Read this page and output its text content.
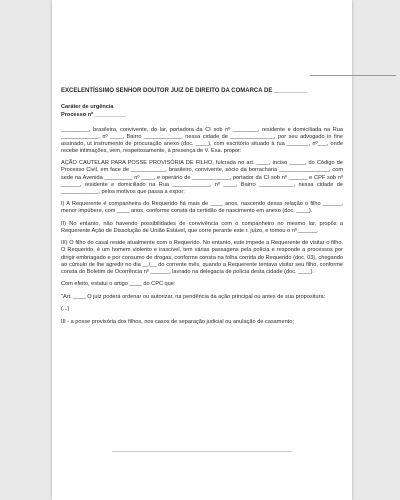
EXCELENTÍSSIMO SENHOR DOUTOR JUIZ DE DIREITO DA COMARCA DE __________

Caráter de urgência

Processo nº __________

_________, brasileira, convivente, do lar, portadora da CI sob nº ________, residente e domiciliada na Rua ____________, nº ____, Bairro ____________, nessa cidade de ______________, por seu advogado in fine assinado, ut instrumento de procuração anexo (doc. ____), com escritório situado à rua _______, nº___, onde recebe intimações, vem, respeitosamente, à presença de V. Exa. propor:

AÇÃO CAUTELAR PARA POSSE PROVISÓRIA DE FILHO, fulcrada no art. ____, inciso _____, do Código de Processo Civil, em face de ___________, brasileiro, convivente, sócio da borracharia ________________, com sede na Avenida _________ nº ____, e operário de ____________, portador da CI sob nº ______ e CPF sob nº ______, residente e domiciliado na Rua ____________, nº ____, Bairro ___________, nessa cidade de ____________, pelos motivos que passa a expor:

I) A Requerente é companheira do Requerido há mais de ____ anos, nascendo dessa relação o filho ______, menor impúbere, com ____ anos, conforme consta da certidão de nascimento em anexo (doc. ____).

II) No entanto, não havendo possibilidades de convivência com o companheiro no mesmo lar, propôs a Requerente Ação de Dissolução de União Estável, que corre perante este r. juízo, e tomou o nº ______.

III) O filho do casal reside atualmente com o Requerido. No entanto, este impede a Requerente de visitar o filho. O Requerido, é um homem violento e irascível, tem várias passagens pela polícia e responde a processos por dirigir embriagado e por consumo de drogas, conforme consta na folha corrida do Requerido (doc. 03), chegando ao cúmulo de lhe agredir no dia __/__ do corrente mês, quando a Requerente tentava visitar seu filho, conforme consta do Boletim de Ocorrência nº ______, lavrado na delegacia de polícia desta cidade (doc. ____).

Com efeito, estatui o artigo ____ do CPC que:

"Art. ____ O juiz poderá ordenar ou autorizar, na pendência da ação principal ou antes de sua propositura:

(...)

III - a posse provisória dos filhos, nos casos de separação judicial ou anulação de casamento;
